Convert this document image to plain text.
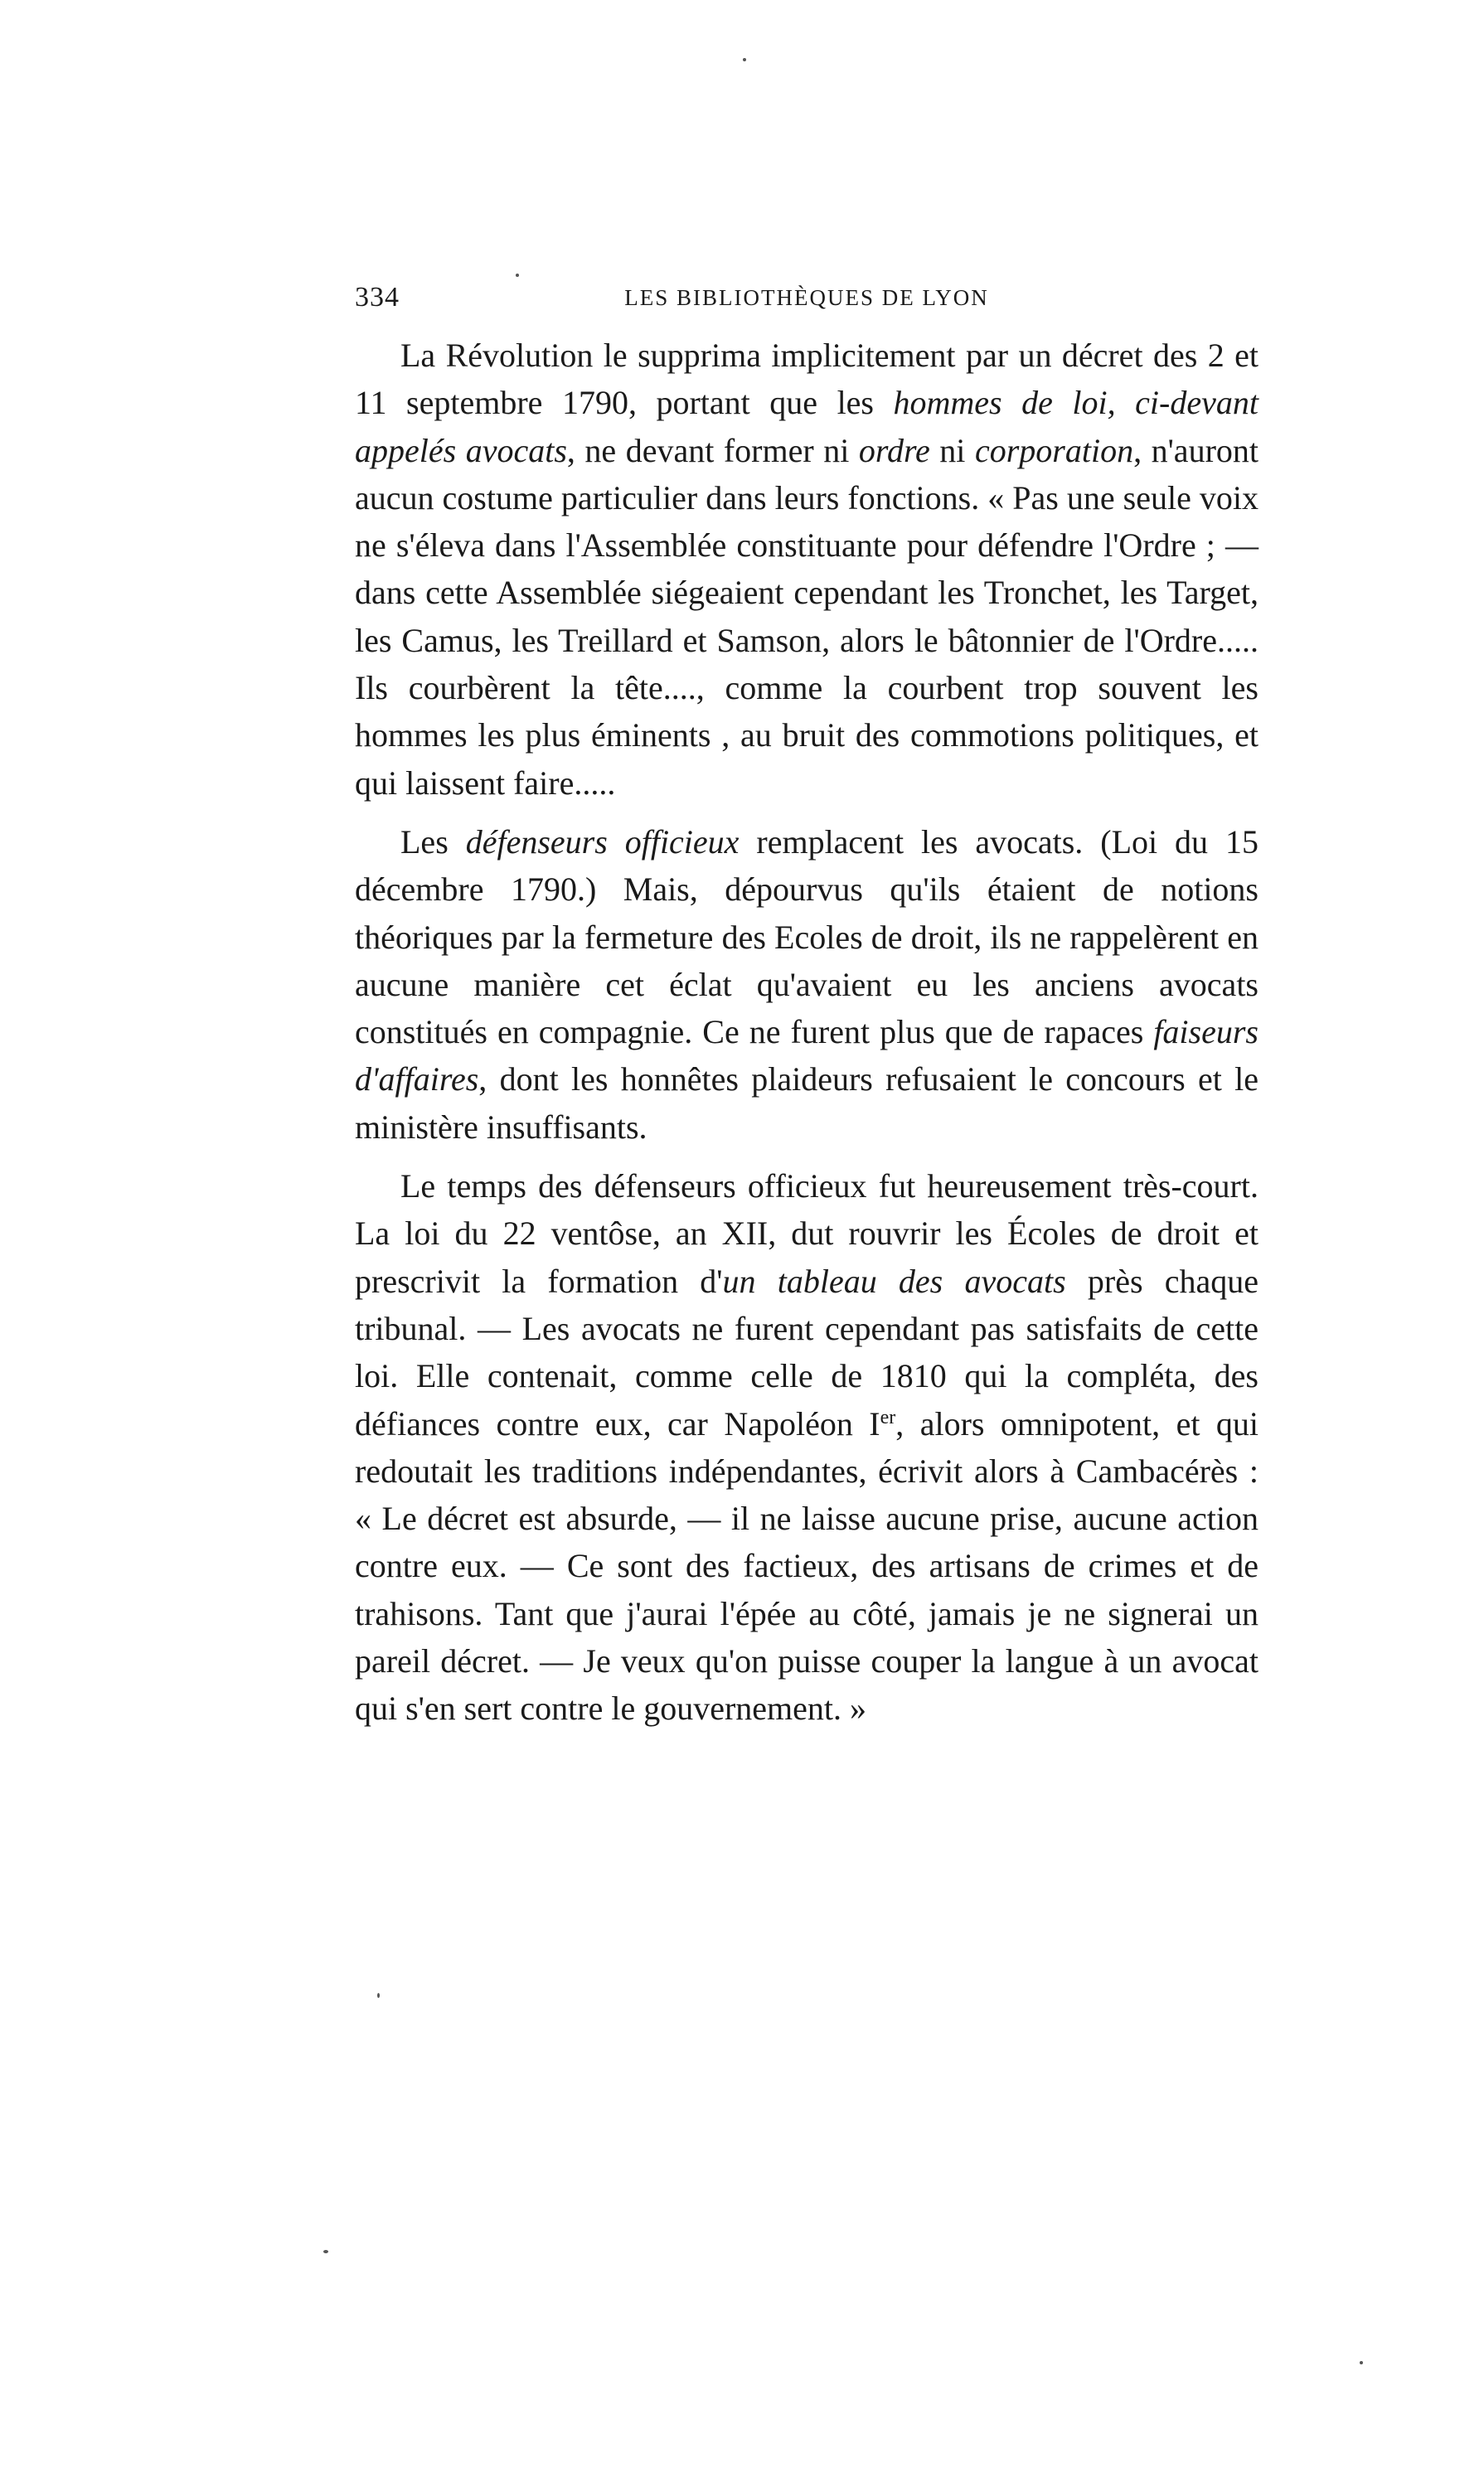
334	LES BIBLIOTHÈQUES DE LYON

La Révolution le supprima implicitement par un décret des 2 et 11 septembre 1790, portant que les hommes de loi, ci-devant appelés avocats, ne devant former ni ordre ni corporation, n'auront aucun costume particulier dans leurs fonctions. « Pas une seule voix ne s'éleva dans l'Assemblée constituante pour défendre l'Ordre ; — dans cette Assemblée siégeaient cependant les Tronchet, les Target, les Camus, les Treillard et Samson, alors le bâtonnier de l'Ordre..... Ils courbèrent la tête...., comme la courbent trop souvent les hommes les plus éminents , au bruit des commotions politiques, et qui laissent faire.....

Les défenseurs officieux remplacent les avocats. (Loi du 15 décembre 1790.) Mais, dépourvus qu'ils étaient de notions théoriques par la fermeture des Ecoles de droit, ils ne rappelèrent en aucune manière cet éclat qu'avaient eu les anciens avocats constitués en compagnie. Ce ne furent plus que de rapaces faiseurs d'affaires, dont les honnêtes plaideurs refusaient le concours et le ministère insuffisants.

Le temps des défenseurs officieux fut heureusement très-court. La loi du 22 ventôse, an XII, dut rouvrir les Écoles de droit et prescrivit la formation d'un tableau des avocats près chaque tribunal. — Les avocats ne furent cependant pas satisfaits de cette loi. Elle contenait, comme celle de 1810 qui la compléta, des défiances contre eux, car Napoléon Ier, alors omnipotent, et qui redoutait les traditions indépendantes, écrivit alors à Cambacérès : « Le décret est absurde, — il ne laisse aucune prise, aucune action contre eux. — Ce sont des factieux, des artisans de crimes et de trahisons. Tant que j'aurai l'épée au côté, jamais je ne signerai un pareil décret. — Je veux qu'on puisse couper la langue à un avocat qui s'en sert contre le gouvernement. »
